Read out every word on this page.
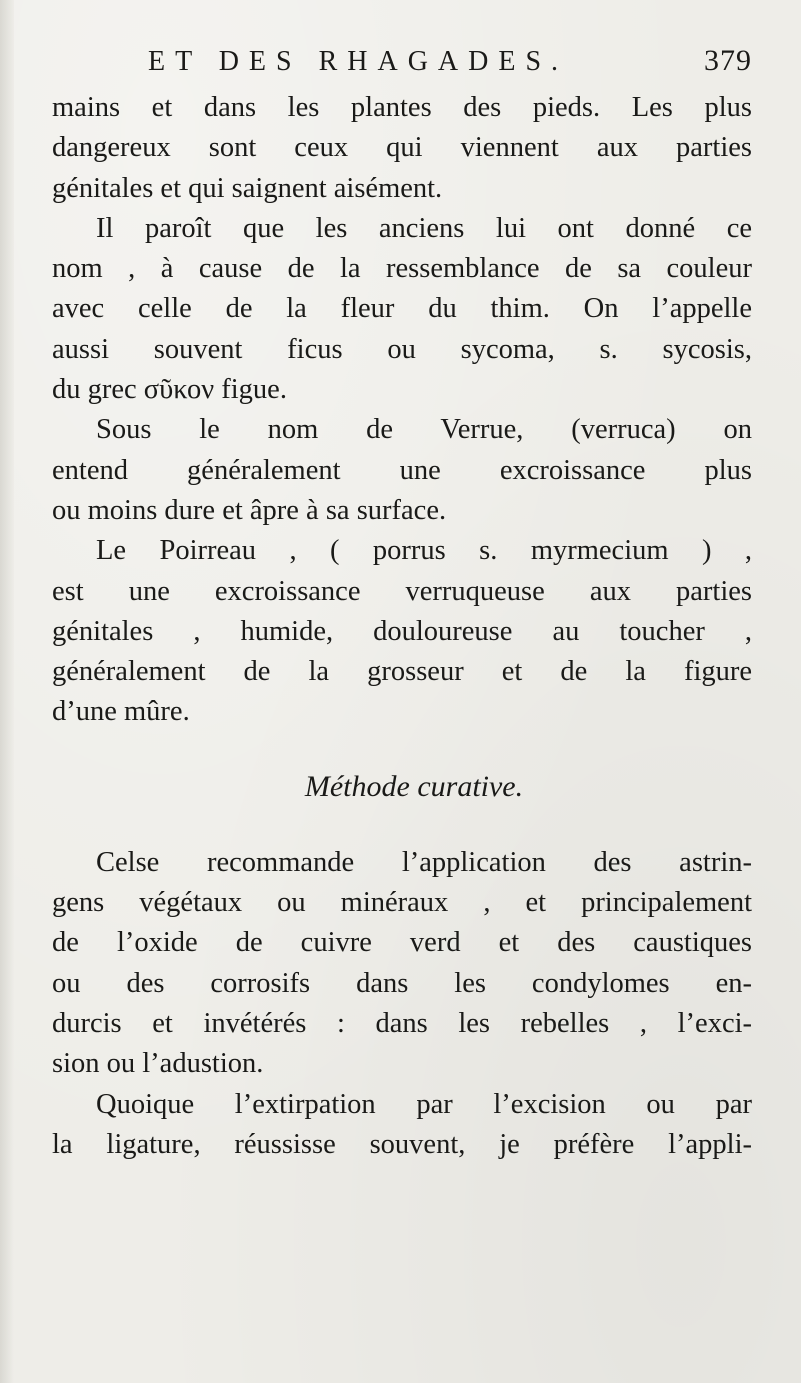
ET DES RHAGADES.	379
mains et dans les plantes des pieds. Les plus
dangereux sont ceux qui viennent aux parties
génitales et qui saignent aisément.
Il paroît que les anciens lui ont donné ce
nom , à cause de la ressemblance de sa couleur
avec celle de la fleur du thim. On l’appelle
aussi souvent ficus ou sycoma, s. sycosis,
du grec σῦκον figue.
Sous le nom de Verrue, (verruca) on
entend généralement une excroissance plus
ou moins dure et âpre à sa surface.
Le Poirreau , ( porrus s. myrmecium ) ,
est une excroissance verruqueuse aux parties
génitales , humide, douloureuse au toucher ,
généralement de la grosseur et de la figure
d’une mûre.
Méthode curative.
Celse recommande l’application des astrin-
gens végétaux ou minéraux , et principalement
de l’oxide de cuivre verd et des caustiques
ou des corrosifs dans les condylomes en-
durcis et invétérés : dans les rebelles , l’exci-
sion ou l’adustion.
Quoique l’extirpation par l’excision ou par
la ligature, réussisse souvent, je préfère l’appli-
